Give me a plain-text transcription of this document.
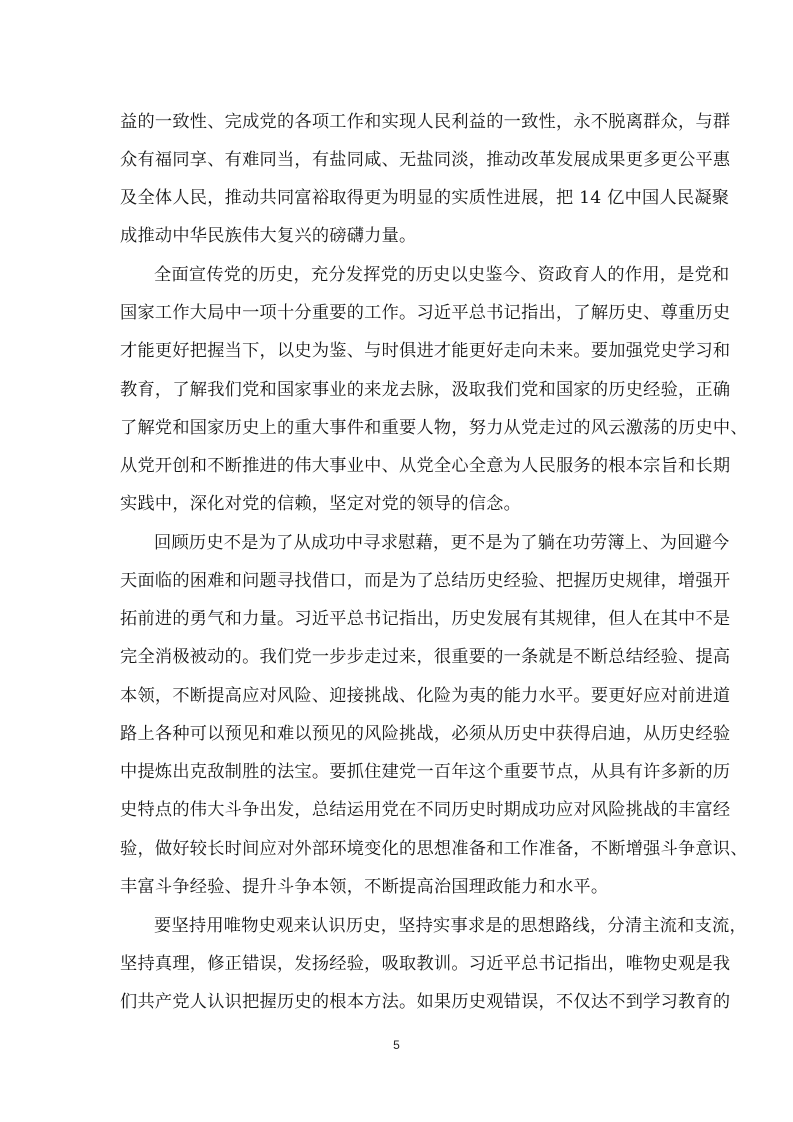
益的一致性、完成党的各项工作和实现人民利益的一致性，永不脱离群众，与群
众有福同享、有难同当，有盐同咸、无盐同淡，推动改革发展成果更多更公平惠
及全体人民，推动共同富裕取得更为明显的实质性进展，把 14 亿中国人民凝聚
成推动中华民族伟大复兴的磅礴力量。
全面宣传党的历史，充分发挥党的历史以史鉴今、资政育人的作用，是党和
国家工作大局中一项十分重要的工作。习近平总书记指出，了解历史、尊重历史
才能更好把握当下，以史为鉴、与时俱进才能更好走向未来。要加强党史学习和
教育，了解我们党和国家事业的来龙去脉，汲取我们党和国家的历史经验，正确
了解党和国家历史上的重大事件和重要人物，努力从党走过的风云激荡的历史中、
从党开创和不断推进的伟大事业中、从党全心全意为人民服务的根本宗旨和长期
实践中，深化对党的信赖，坚定对党的领导的信念。
回顾历史不是为了从成功中寻求慰藉，更不是为了躺在功劳簿上、为回避今
天面临的困难和问题寻找借口，而是为了总结历史经验、把握历史规律，增强开
拓前进的勇气和力量。习近平总书记指出，历史发展有其规律，但人在其中不是
完全消极被动的。我们党一步步走过来，很重要的一条就是不断总结经验、提高
本领，不断提高应对风险、迎接挑战、化险为夷的能力水平。要更好应对前进道
路上各种可以预见和难以预见的风险挑战，必须从历史中获得启迪，从历史经验
中提炼出克敌制胜的法宝。要抓住建党一百年这个重要节点，从具有许多新的历
史特点的伟大斗争出发，总结运用党在不同历史时期成功应对风险挑战的丰富经
验，做好较长时间应对外部环境变化的思想准备和工作准备，不断增强斗争意识、
丰富斗争经验、提升斗争本领，不断提高治国理政能力和水平。
要坚持用唯物史观来认识历史，坚持实事求是的思想路线，分清主流和支流，
坚持真理，修正错误，发扬经验，吸取教训。习近平总书记指出，唯物史观是我
们共产党人认识把握历史的根本方法。如果历史观错误，不仅达不到学习教育的
5
